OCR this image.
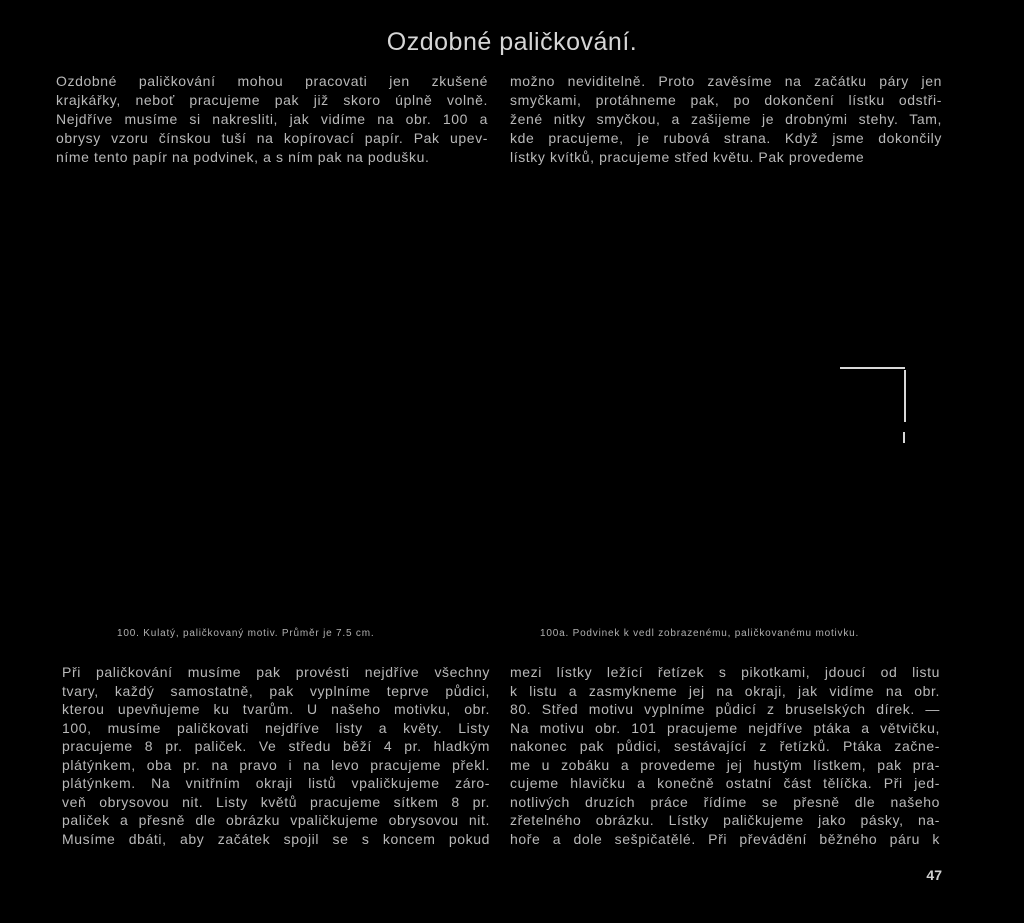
Ozdobné paličkování.
Ozdobné paličkování mohou pracovati jen zkušené
krajkářky, neboť pracujeme pak již skoro úplně volně.
Nejdříve musíme si nakresliti, jak vidíme na obr. 100 a
obrysy vzoru čínskou tuší na kopírovací papír. Pak upev-
níme tento papír na podvinek, a s ním pak na podušku.
možno neviditelně. Proto zavěsíme na začátku páry jen
smyčkami, protáhneme pak, po dokončení lístku odstři-
žené nitky smyčkou, a zašijeme je drobnými stehy. Tam,
kde pracujeme, je rubová strana. Když jsme dokončily
lístky kvítků, pracujeme střed květu. Pak provedeme

100. Kulatý, paličkovaný motiv. Průměr je 7.5 cm.	100a. Podvinek k vedl zobrazenému, paličkovanému motivku.

Při paličkování musíme pak provésti nejdříve všechny
tvary, každý samostatně, pak vyplníme teprve půdici,
kterou upevňujeme ku tvarům. U našeho motivku, obr.
100, musíme paličkovati nejdříve listy a květy. Listy
pracujeme 8 pr. paliček. Ve středu běží 4 pr. hladkým
plátýnkem, oba pr. na pravo i na levo pracujeme překl.
plátýnkem. Na vnitřním okraji listů vpaličkujeme záro-
veň obrysovou nit. Listy květů pracujeme sítkem 8 pr.
paliček a přesně dle obrázku vpaličkujeme obrysovou nit.
Musíme dbáti, aby začátek spojil se s koncem pokud
mezi lístky ležící řetízek s pikotkami, jdoucí od listu
k listu a zasmykneme jej na okraji, jak vidíme na obr.
80. Střed motivu vyplníme půdicí z bruselských dírek. —
Na motivu obr. 101 pracujeme nejdříve ptáka a větvičku,
nakonec pak půdici, sestávající z řetízků. Ptáka začne-
me u zobáku a provedeme jej hustým lístkem, pak pra-
cujeme hlavičku a konečně ostatní část tělíčka. Při jed-
notlivých druzích práce řídíme se přesně dle našeho
zřetelného obrázku. Lístky paličkujeme jako pásky, na-
hoře a dole sešpičatělé. Při převádění běžného páru k

47
